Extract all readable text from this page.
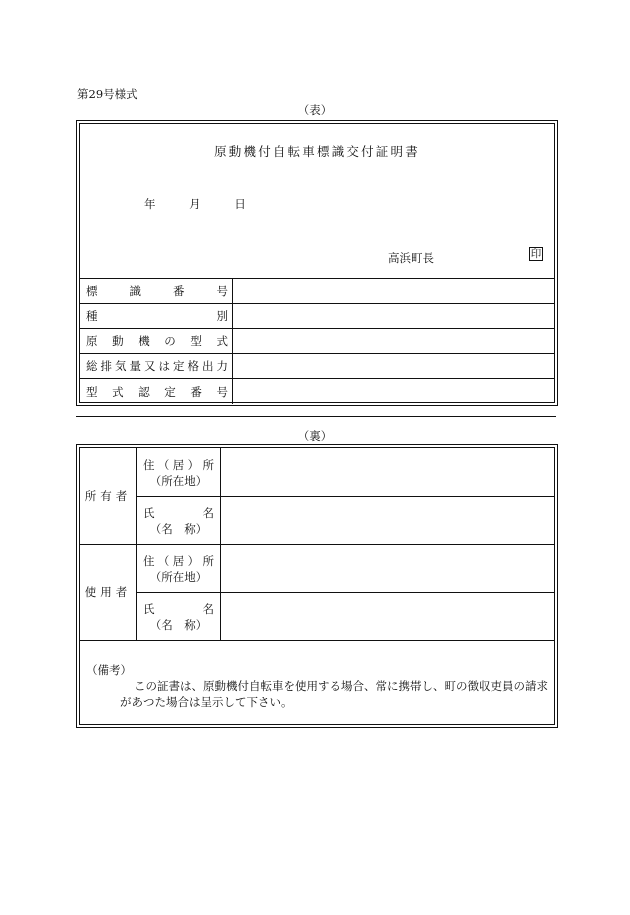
第29号様式
（表）
原動機付自転車標識交付証明書
年	月	日
高浜町長	印
標	識	番	号
種	別
原 動 機 の 型 式
総 排 気 量 又 は 定 格 出 力
型 式 認 定 番 号
（裏）
所有者
住 （ 居 ） 所
（所在地）
氏	名
（名　称）
使用者
住 （ 居 ） 所
（所在地）
氏	名
（名　称）
（備考）
この証書は、原動機付自転車を使用する場合、常に携帯し、町の徴収吏員の請求があつた場合は呈示して下さい。
